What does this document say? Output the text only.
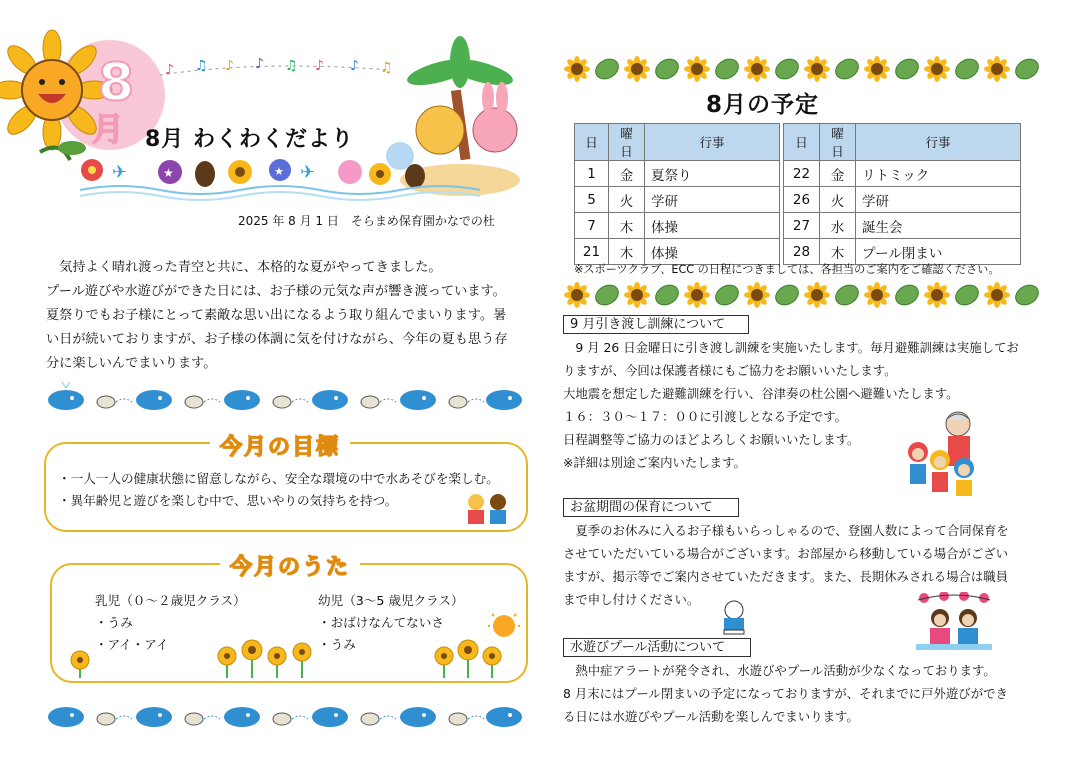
8
月
♪ ♫ ♪ ♪ ♫ ♪ ♪ ♫
✈	★	★ ✈
8月 わくわくだより
2025 年 8 月 1 日　そらまめ保育園かなでの杜
　気持よく晴れ渡った青空と共に、本格的な夏がやってきました。
プール遊びや水遊びができた日には、お子様の元気な声が響き渡っています。
夏祭りでもお子様にとって素敵な思い出になるよう取り組んでまいります。暑
い日が続いておりますが、お子様の体調に気を付けながら、今年の夏も思う存
分に楽しいんでまいります。
今月の目標
・一人一人の健康状態に留意しながら、安全な環境の中で水あそびを楽しむ。
・異年齢児と遊びを楽しむ中で、思いやりの気持ちを持つ。
今月のうた
乳児（０～２歳児クラス）
・うみ
・アイ・アイ
幼児（3～5 歳児クラス）
・おばけなんてないさ
・うみ
8月の予定
日	曜日	行事
1	金	夏祭り
5	火	学研
7	木	体操
21	木	体操
日	曜日	行事
22	金	リトミック
26	火	学研
27	水	誕生会
28	木	プール閉まい
※スポーツクラブ、ECC の日程につきましては、各担当のご案内をご確認ください。
9 月引き渡し訓練について
　9 月 26 日金曜日に引き渡し訓練を実施いたします。毎月避難訓練は実施してお
りますが、今回は保護者様にもご協力をお願いいたします。
大地震を想定した避難訓練を行い、谷津奏の杜公園へ避難いたします。
１６：３０～１７：００に引渡しとなる予定です。
日程調整等ご協力のほどよろしくお願いいたします。
※詳細は別途ご案内いたします。
お盆期間の保育について
　夏季のお休みに入るお子様もいらっしゃるので、登園人数によって合同保育を
させていただいている場合がございます。お部屋から移動している場合がござい
ますが、掲示等でご案内させていただきます。また、長期休みされる場合は職員
まで申し付けください。
水遊びプール活動について
　熱中症アラートが発令され、水遊びやプール活動が少なくなっております。
8 月末にはプール閉まいの予定になっておりますが、それまでに戸外遊びができ
る日には水遊びやプール活動を楽しんでまいります。
